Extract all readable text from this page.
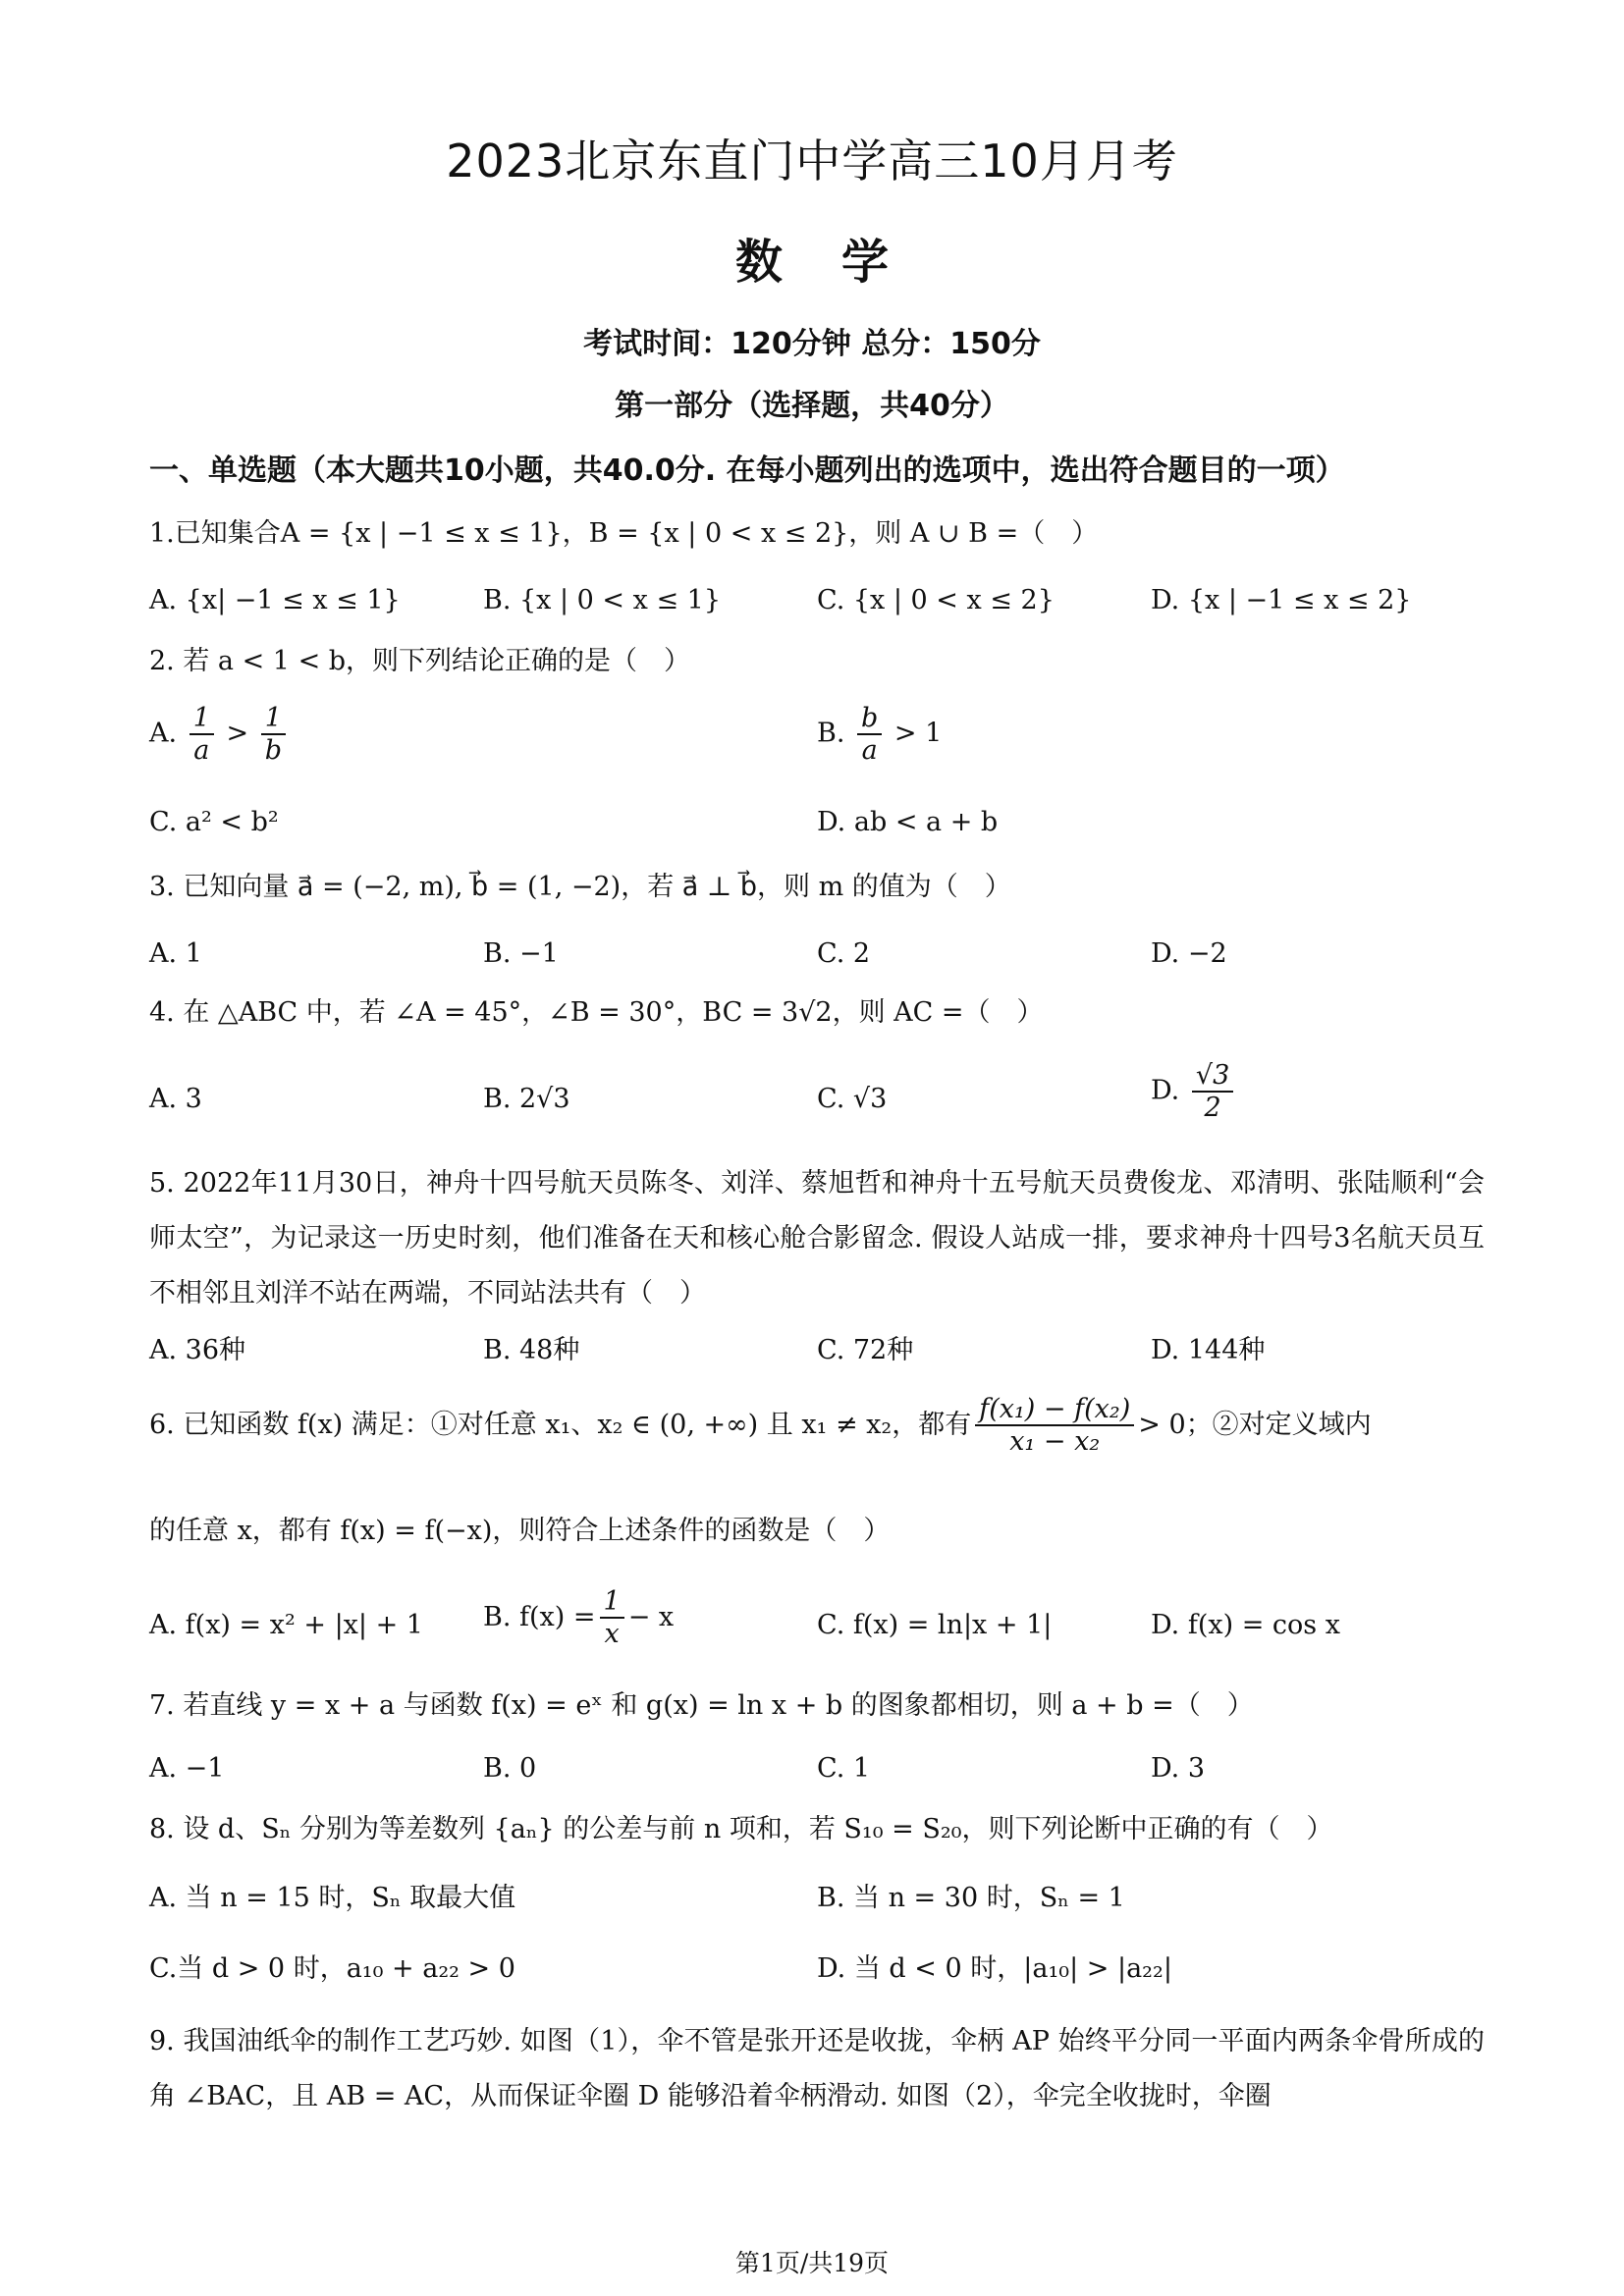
2023北京东直门中学高三10月月考
数学
考试时间：120分钟 总分：150分
第一部分（选择题，共40分）
一、单选题（本大题共10小题，共40.0分. 在每小题列出的选项中，选出符合题目的一项）
1.已知集合A = {x | −1 ≤ x ≤ 1}，B = {x | 0 < x ≤ 2}，则 A ∪ B =（　）
A. {x| −1 ≤ x ≤ 1}	B. {x | 0 < x ≤ 1}	C. {x | 0 < x ≤ 2}	D. {x | −1 ≤ x ≤ 2}
2. 若 a < 1 < b，则下列结论正确的是（　）
A. $\frac{1}{a} > \frac{1}{b}$	B. $\frac{b}{a} > 1$
C. a² < b²	D. ab < a + b
3. 已知向量 a⃗ = (−2, m), b⃗ = (1, −2)，若 a⃗ ⊥ b⃗，则 m 的值为（　）
A. 1	B. −1	C. 2	D. −2
4. 在 △ABC 中，若 ∠A = 45°，∠B = 30°，BC = 3√2，则 AC =（　）
A. 3	B. 2√3	C. √3	D. $\frac{√3}{2}$
5. 2022年11月30日，神舟十四号航天员陈冬、刘洋、蔡旭哲和神舟十五号航天员费俊龙、邓清明、张陆顺利“会师太空”，为记录这一历史时刻，他们准备在天和核心舱合影留念. 假设人站成一排，要求神舟十四号3名航天员互不相邻且刘洋不站在两端，不同站法共有（　）
A. 36种	B. 48种	C. 72种	D. 144种
6. 已知函数 f(x) 满足：①对任意 x₁、x₂ ∈ (0, +∞) 且 x₁ ≠ x₂，都有 $\frac{\text{f(x₁) − f(x₂)}}{\text{x₁ − x₂}} > 0$；②对定义域内
的任意 x，都有 f(x) = f(−x)，则符合上述条件的函数是（　）
A. f(x) = x² + |x| + 1 B. $f(x) = \frac{1}{x} - x$	C. f(x) = ln|x + 1|	D. f(x) = cos x
7. 若直线 y = x + a 与函数 f(x) = eˣ 和 g(x) = ln x + b 的图象都相切，则 a + b =（　）
A. −1	B. 0	C. 1	D. 3
8. 设 d、Sₙ 分别为等差数列 {aₙ} 的公差与前 n 项和，若 S₁₀ = S₂₀，则下列论断中正确的有（　）
A. 当 n = 15 时，Sₙ 取最大值	B. 当 n = 30 时，Sₙ = 1
C.当 d > 0 时，a₁₀ + a₂₂ > 0	D. 当 d < 0 时，|a₁₀| > |a₂₂|
9. 我国油纸伞的制作工艺巧妙. 如图（1），伞不管是张开还是收拢，伞柄 AP 始终平分同一平面内两条伞骨所成的角 ∠BAC，且 AB = AC，从而保证伞圈 D 能够沿着伞柄滑动. 如图（2），伞完全收拢时，伞圈
第1页/共19页
